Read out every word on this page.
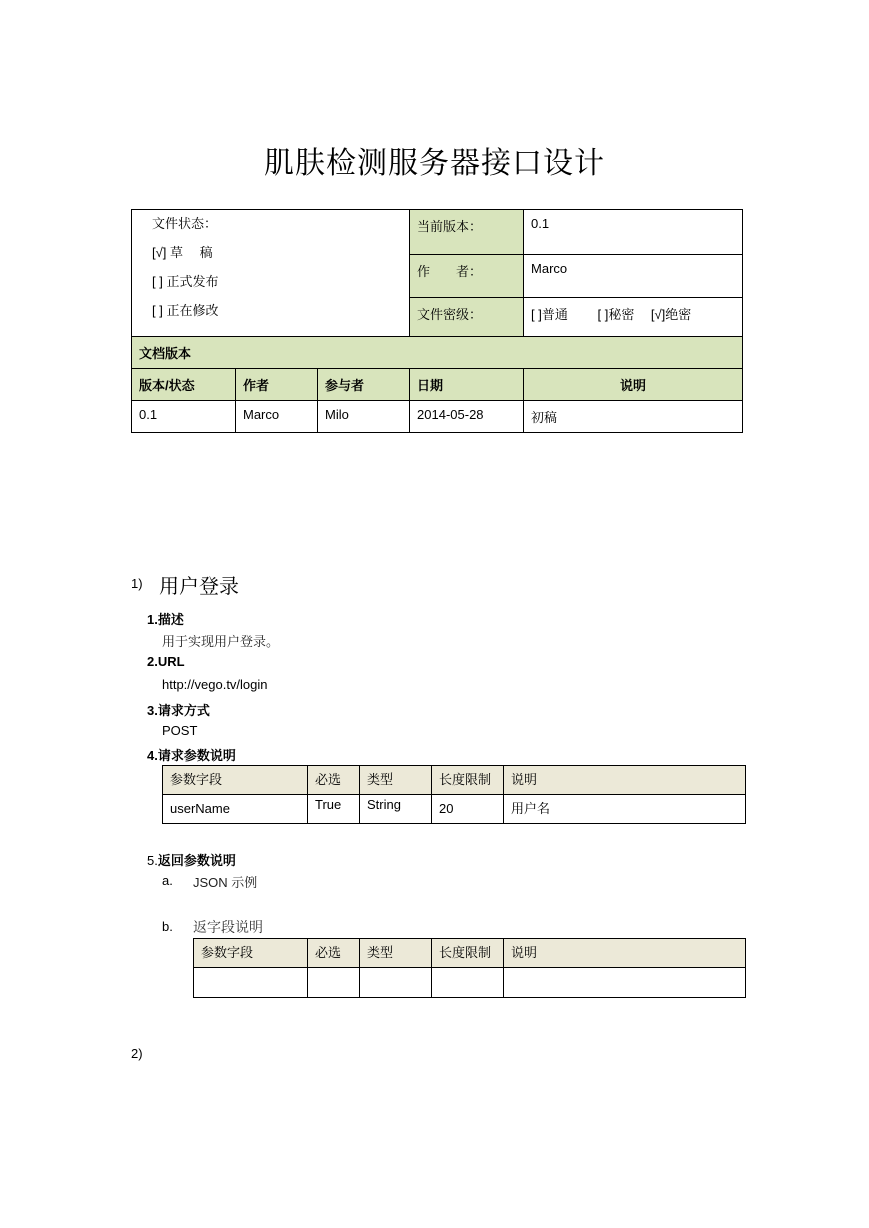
肌肤检测服务器接口设计
文件状态：
[√] 草　 稿
[ ] 正式发布
[ ] 正在修改			当前版本：	0.1
			作　　者：	Marco
			文件密级：	[ ]普通　　 [ ]秘密　 [√]绝密
文档版本				
版本/状态	作者	参与者	日期	说明
0.1	Marco	Milo	2014-05-28	初稿
1) 用户登录
1.描述
用于实现用户登录。
2.URL
http://vego.tv/login
3.请求方式
POST
4.请求参数说明
参数字段	必选	类型	长度限制	说明
userName	True	String	20	用户名
5.返回参数说明
a. JSON 示例
b. 返字段说明
参数字段	必选	类型	长度限制	说明

2)
